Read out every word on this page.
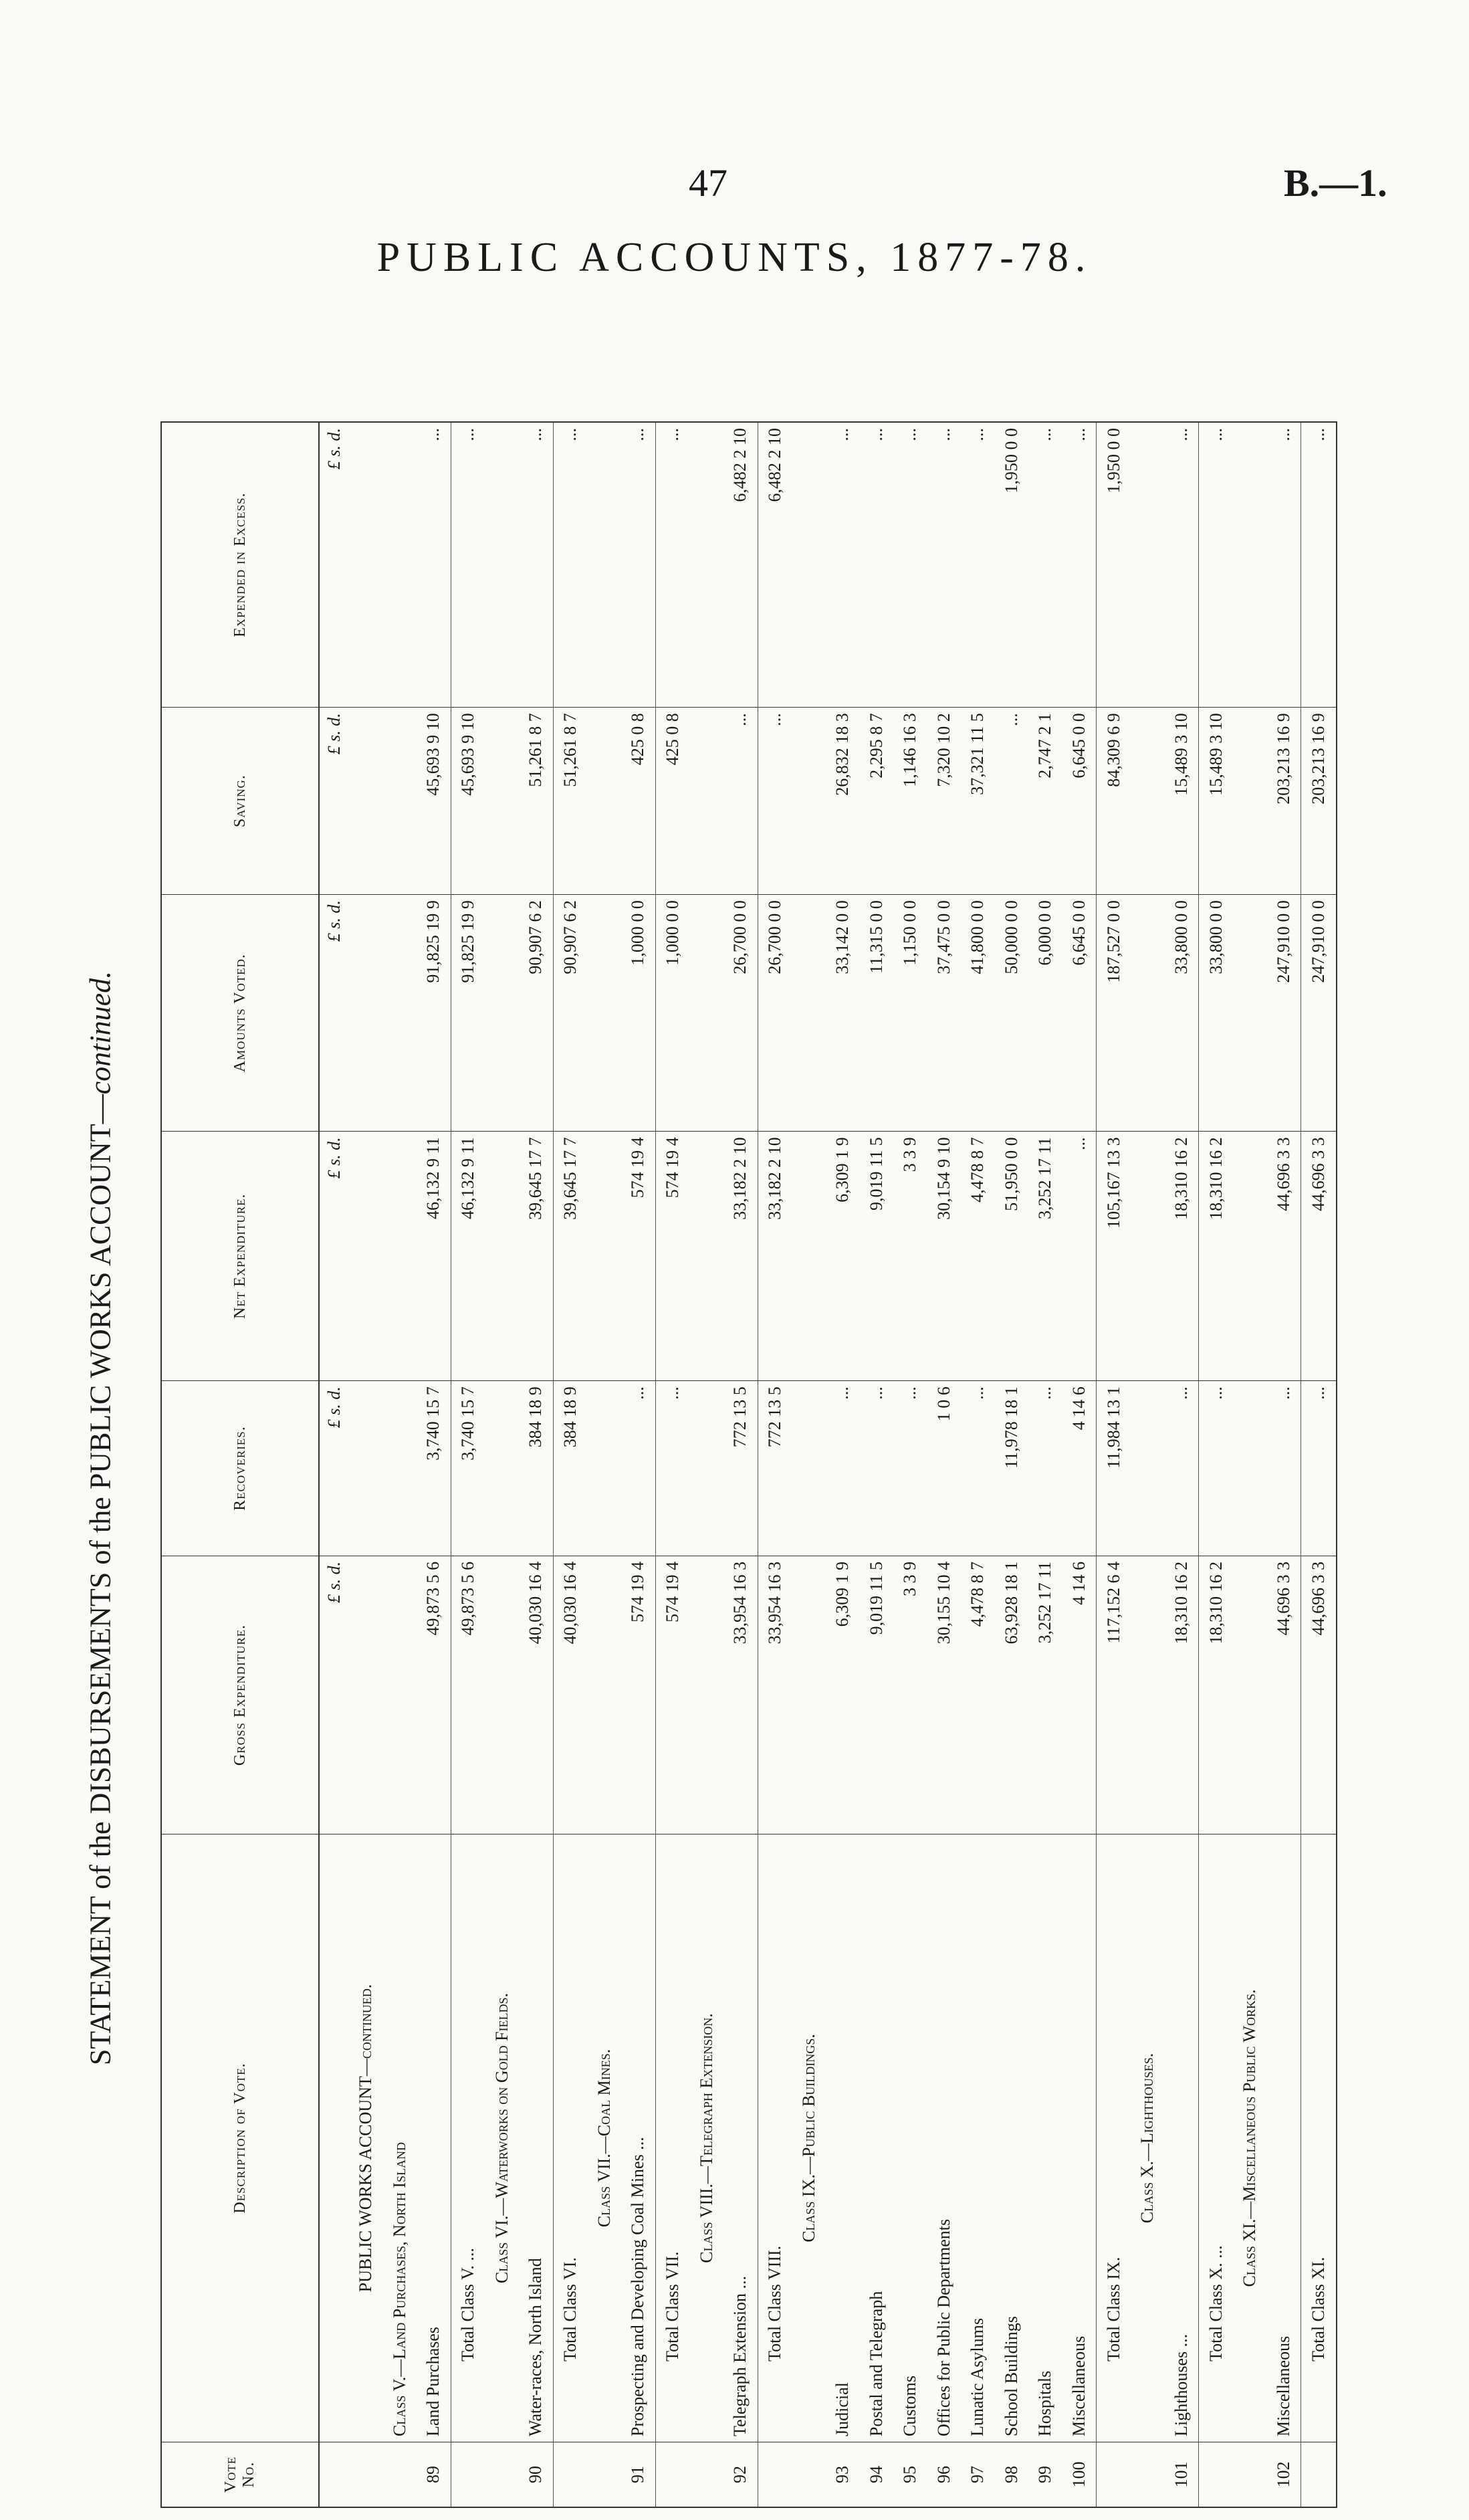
47	B.—1.
PUBLIC ACCOUNTS, 1877-78.
STATEMENT of the DISBURSEMENTS of the PUBLIC WORKS ACCOUNT—continued.
Vote No.	Description of Vote.	Gross Expenditure.	Recoveries.	Net Expenditure.	Amounts Voted.	Saving.	Expended in Excess.
		£ s. d.	£ s. d.	£ s. d.	£ s. d.	£ s. d.	£ s. d.
	PUBLIC WORKS ACCOUNT—continued.						
	Class V.—Land Purchases, North Island						
89	Land Purchases	49,873 5 6	3,740 15 7	46,132 9 11	91,825 19 9	45,693 9 10	...
	Total Class V. ...	49,873 5 6	3,740 15 7	46,132 9 11	91,825 19 9	45,693 9 10	...
	Class VI.—Waterworks on Gold Fields.						
90	Water-races, North Island	40,030 16 4	384 18 9	39,645 17 7	90,907 6 2	51,261 8 7	...
	Total Class VI.	40,030 16 4	384 18 9	39,645 17 7	90,907 6 2	51,261 8 7	...
	Class VII.—Coal Mines.						
91	Prospecting and Developing Coal Mines ...	574 19 4	...	574 19 4	1,000 0 0	425 0 8	...
	Total Class VII.	574 19 4	...	574 19 4	1,000 0 0	425 0 8	...
	Class VIII.—Telegraph Extension.						
92	Telegraph Extension ...	33,954 16 3	772 13 5	33,182 2 10	26,700 0 0	...	6,482 2 10
	Total Class VIII.	33,954 16 3	772 13 5	33,182 2 10	26,700 0 0	...	6,482 2 10
	Class IX.—Public Buildings.						
93	Judicial	6,309 1 9	...	6,309 1 9	33,142 0 0	26,832 18 3	...
94	Postal and Telegraph	9,019 11 5	...	9,019 11 5	11,315 0 0	2,295 8 7	...
95	Customs	3 3 9	...	3 3 9	1,150 0 0	1,146 16 3	...
96	Offices for Public Departments	30,155 10 4	1 0 6	30,154 9 10	37,475 0 0	7,320 10 2	...
97	Lunatic Asylums	4,478 8 7	...	4,478 8 7	41,800 0 0	37,321 11 5	...
98	School Buildings	63,928 18 1	11,978 18 1	51,950 0 0	50,000 0 0	...	1,950 0 0
99	Hospitals	3,252 17 11	...	3,252 17 11	6,000 0 0	2,747 2 1	...
100	Miscellaneous	4 14 6	4 14 6	...	6,645 0 0	6,645 0 0	...
	Total Class IX.	117,152 6 4	11,984 13 1	105,167 13 3	187,527 0 0	84,309 6 9	1,950 0 0
	Class X.—Lighthouses.						
101	Lighthouses ...	18,310 16 2	...	18,310 16 2	33,800 0 0	15,489 3 10	...
	Total Class X. ...	18,310 16 2	...	18,310 16 2	33,800 0 0	15,489 3 10	...
	Class XI.—Miscellaneous Public Works.						
102	Miscellaneous	44,696 3 3	...	44,696 3 3	247,910 0 0	203,213 16 9	...
	Total Class XI.	44,696 3 3	...	44,696 3 3	247,910 0 0	203,213 16 9	...
